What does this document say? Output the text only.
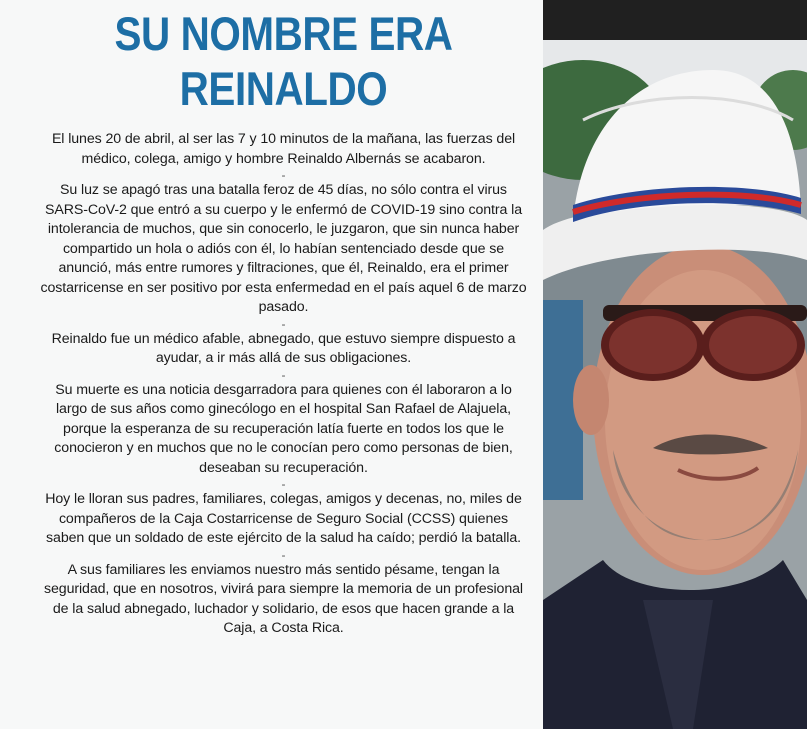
SU NOMBRE ERA
REINALDO

El lunes 20 de abril, al ser las 7 y 10 minutos de la mañana, las fuerzas del médico, colega, amigo y hombre Reinaldo Albernás se acabaron.

-

Su luz se apagó tras una batalla feroz de 45 días, no sólo contra el virus SARS-CoV-2 que entró a su cuerpo y le enfermó de COVID-19 sino contra la intolerancia de muchos, que sin conocerlo, le juzgaron, que sin nunca haber compartido un hola o adiós con él, lo habían sentenciado desde que se anunció, más entre rumores y filtraciones, que él, Reinaldo, era el primer costarricense en ser positivo por esta enfermedad en el país aquel 6 de marzo pasado.

-

Reinaldo fue un médico afable, abnegado, que estuvo siempre dispuesto a ayudar, a ir más allá de sus obligaciones.

-

Su muerte es una noticia desgarradora para quienes con él laboraron a lo largo de sus años como ginecólogo en el hospital San Rafael de Alajuela, porque la esperanza de su recuperación latía fuerte en todos los que le conocieron y en muchos que no le conocían pero como personas de bien, deseaban su recuperación.

-

Hoy le lloran sus padres, familiares, colegas, amigos y decenas, no, miles de compañeros de la Caja Costarricense de Seguro Social (CCSS) quienes saben que un soldado de este ejército de la salud ha caído; perdió la batalla.

-

A sus familiares les enviamos nuestro más sentido pésame, tengan la seguridad, que en nosotros, vivirá para siempre la memoria de un profesional de la salud abnegado, luchador y solidario, de esos que hacen grande a la Caja, a Costa Rica.
